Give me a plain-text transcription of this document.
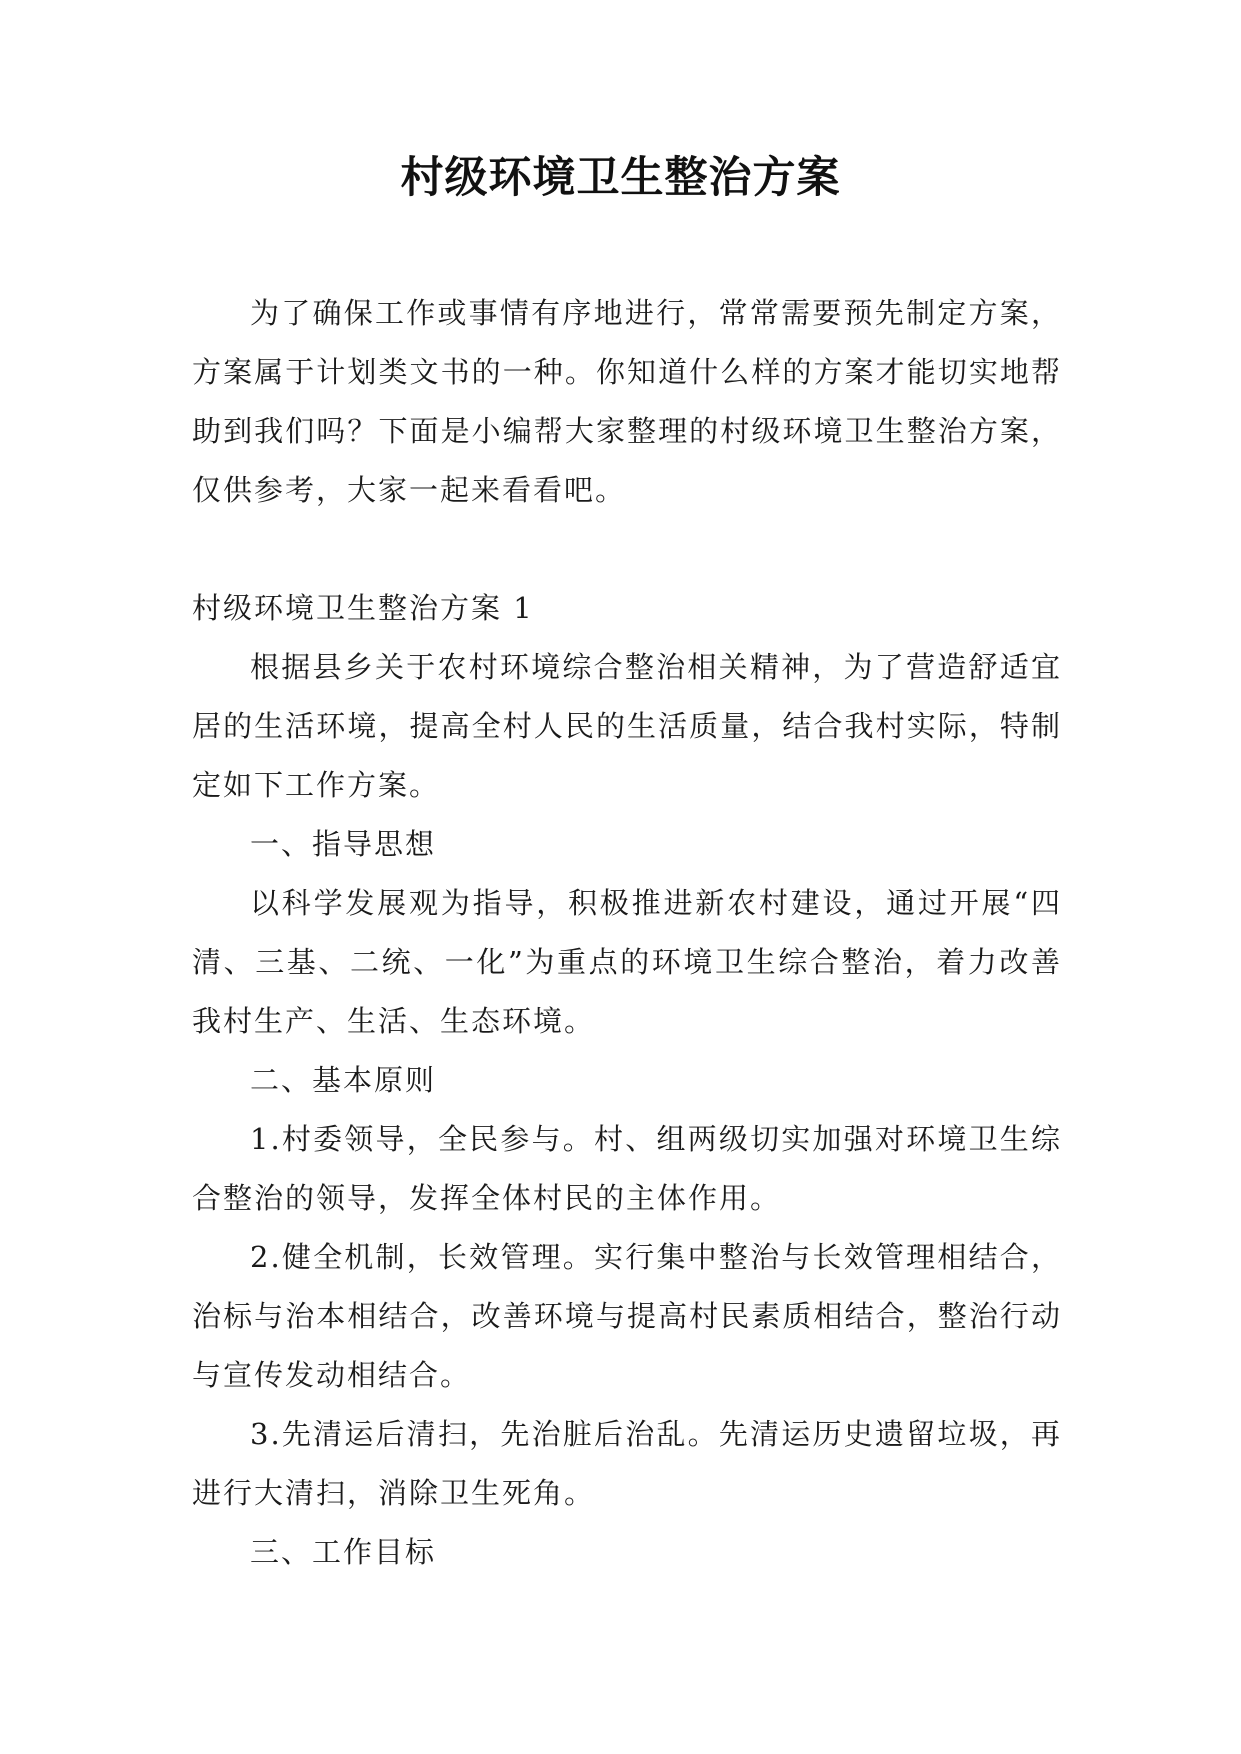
村级环境卫生整治方案

为了确保工作或事情有序地进行，常常需要预先制定方案，方案属于计划类文书的一种。你知道什么样的方案才能切实地帮助到我们吗？下面是小编帮大家整理的村级环境卫生整治方案，仅供参考，大家一起来看看吧。

村级环境卫生整治方案 1

根据县乡关于农村环境综合整治相关精神，为了营造舒适宜居的生活环境，提高全村人民的生活质量，结合我村实际，特制定如下工作方案。

一、指导思想

以科学发展观为指导，积极推进新农村建设，通过开展“四清、三基、二统、一化”为重点的环境卫生综合整治，着力改善我村生产、生活、生态环境。

二、基本原则

1.村委领导，全民参与。村、组两级切实加强对环境卫生综合整治的领导，发挥全体村民的主体作用。

2.健全机制，长效管理。实行集中整治与长效管理相结合，治标与治本相结合，改善环境与提高村民素质相结合，整治行动与宣传发动相结合。

3.先清运后清扫，先治脏后治乱。先清运历史遗留垃圾，再进行大清扫，消除卫生死角。

三、工作目标
